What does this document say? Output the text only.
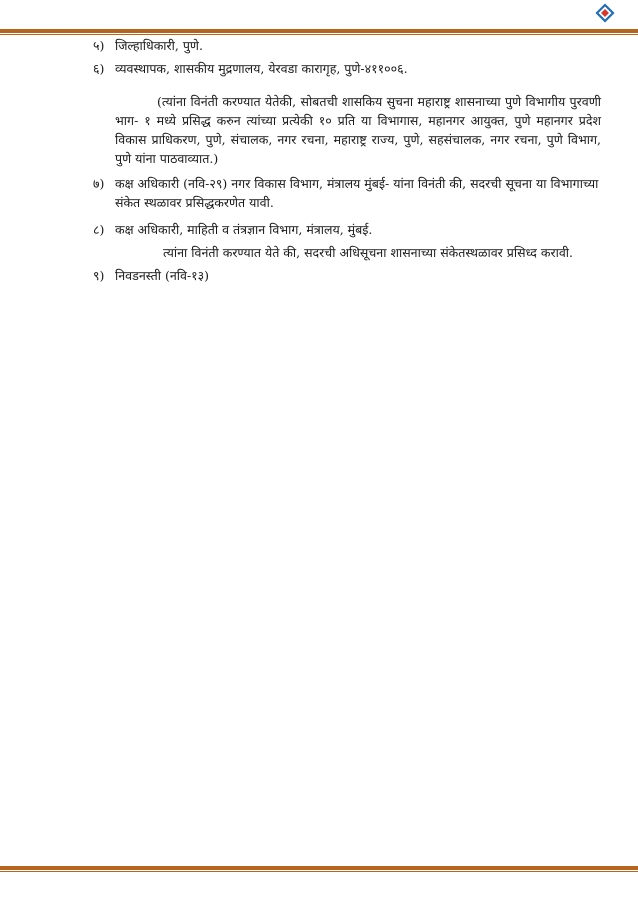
५) जिल्हाधिकारी, पुणे.
६) व्यवस्थापक, शासकीय मुद्रणालय, येरवडा कारागृह, पुणे-४११००६.
(त्यांना विनंती करण्यात येतेकी, सोबतची शासकिय सुचना महाराष्ट्र शासनाच्या पुणे विभागीय पुरवणी भाग- १ मध्ये प्रसिद्ध करुन त्यांच्या प्रत्येकी १० प्रति या विभागास, महानगर आयुक्त, पुणे महानगर प्रदेश विकास प्राधिकरण, पुणे, संचालक, नगर रचना, महाराष्ट्र राज्य, पुणे, सहसंचालक, नगर रचना, पुणे विभाग, पुणे यांना पाठवाव्यात.)
७) कक्ष अधिकारी (नवि-२९) नगर विकास विभाग, मंत्रालय मुंबई- यांना विनंती की, सदरची सूचना या विभागाच्या संकेत स्थळावर प्रसिद्धकरणेत यावी.
८) कक्ष अधिकारी, माहिती व तंत्रज्ञान विभाग, मंत्रालय, मुंबई.
त्यांना विनंती करण्यात येते की, सदरची अधिसूचना शासनाच्या संकेतस्थळावर प्रसिध्द करावी.
९) निवडनस्ती (नवि-१३)
